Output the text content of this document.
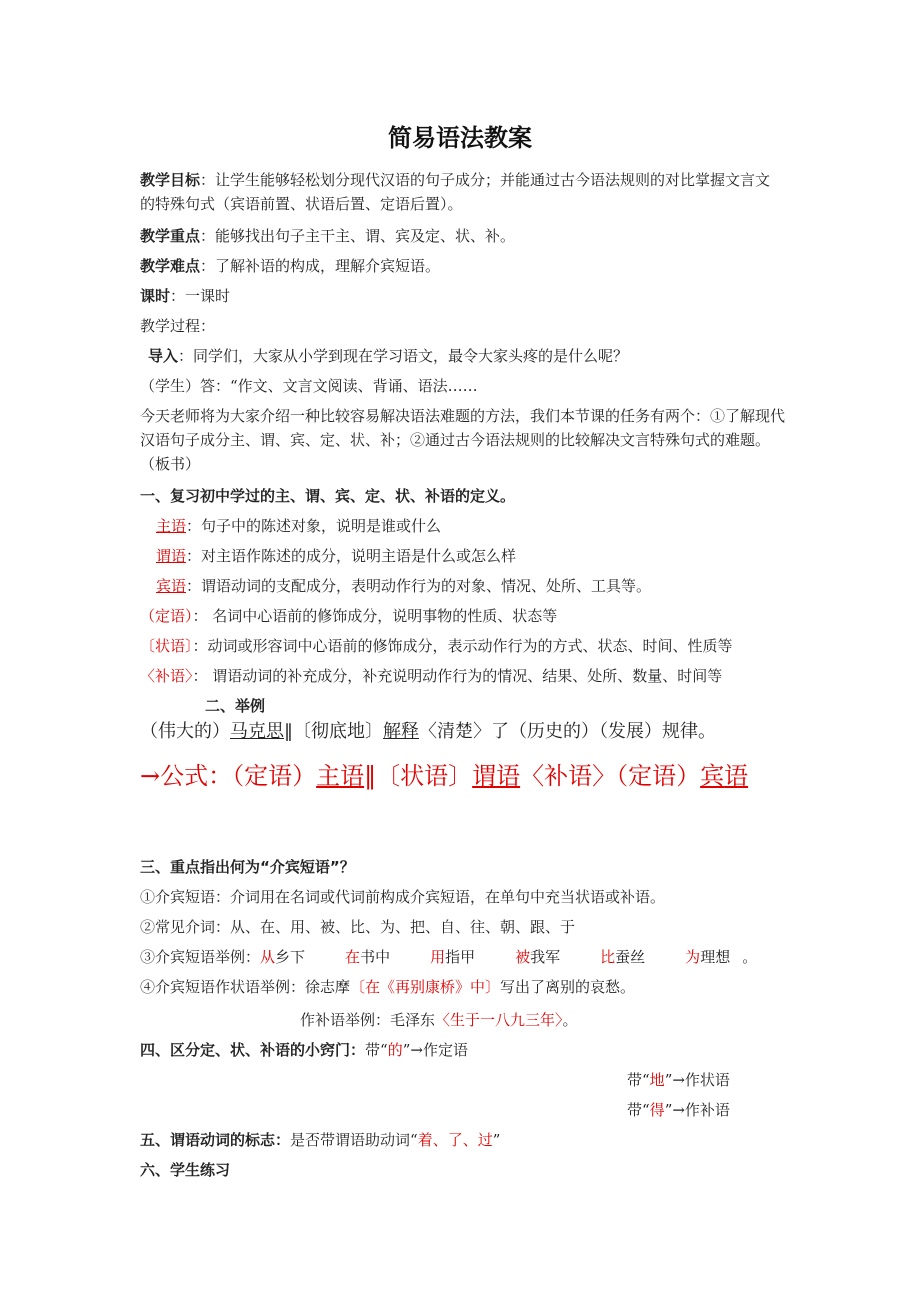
简易语法教案
教学目标：让学生能够轻松划分现代汉语的句子成分；并能通过古今语法规则的对比掌握文言文的特殊句式（宾语前置、状语后置、定语后置）。
教学重点：能够找出句子主干主、谓、宾及定、状、补。
教学难点：了解补语的构成，理解介宾短语。
课时：一课时
教学过程：
导入：同学们，大家从小学到现在学习语文，最令大家头疼的是什么呢？
（学生）答：“作文、文言文阅读、背诵、语法……
今天老师将为大家介绍一种比较容易解决语法难题的方法，我们本节课的任务有两个：①了解现代汉语句子成分主、谓、宾、定、状、补；②通过古今语法规则的比较解决文言特殊句式的难题。（板书）
一、复习初中学过的主、谓、宾、定、状、补语的定义。
主语：句子中的陈述对象，说明是谁或什么
谓语：对主语作陈述的成分，说明主语是什么或怎么样
宾语：谓语动词的支配成分，表明动作行为的对象、情况、处所、工具等。
（定语）： 名词中心语前的修饰成分，说明事物的性质、状态等
〔状语〕：动词或形容词中心语前的修饰成分，表示动作行为的方式、状态、时间、性质等
〈补语〉： 谓语动词的补充成分，补充说明动作行为的情况、结果、处所、数量、时间等
二、举例
（伟大的）马克思‖〔彻底地〕解释〈清楚〉了（历史的）（发展）规律。
→公式：（定语）主语‖〔状语〕谓语〈补语〉（定语）宾语
三、重点指出何为“介宾短语”？
①介宾短语：介词用在名词或代词前构成介宾短语，在单句中充当状语或补语。
②常见介词：从、在、用、被、比、为、把、自、往、朝、跟、于
③介宾短语举例：从乡下	在书中	用指甲	被我军	比蚕丝	为理想 。
④介宾短语作状语举例：徐志摩〔在《再别康桥》中〕写出了离别的哀愁。
作补语举例：毛泽东〈生于一八九三年〉。
四、区分定、状、补语的小窍门：带“的”→作定语
带“地”→作状语
带“得”→作补语
五、谓语动词的标志：是否带谓语助动词“着、了、过”
六、学生练习
